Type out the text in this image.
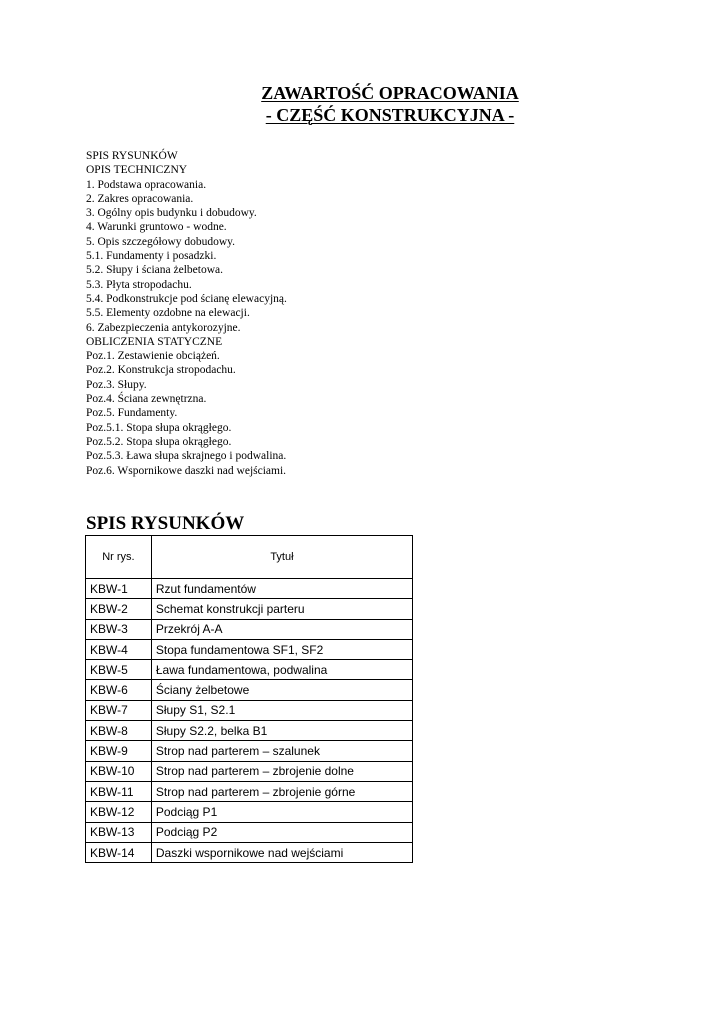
ZAWARTOŚĆ OPRACOWANIA
- CZĘŚĆ KONSTRUKCYJNA -
SPIS RYSUNKÓW
OPIS TECHNICZNY
1. Podstawa opracowania.
2. Zakres opracowania.
3. Ogólny opis budynku i dobudowy.
4. Warunki gruntowo - wodne.
5. Opis szczegółowy dobudowy.
5.1. Fundamenty i posadzki.
5.2. Słupy i ściana żelbetowa.
5.3. Płyta stropodachu.
5.4. Podkonstrukcje pod ścianę elewacyjną.
5.5. Elementy ozdobne na elewacji.
6. Zabezpieczenia antykorozyjne.
OBLICZENIA STATYCZNE
Poz.1. Zestawienie obciążeń.
Poz.2. Konstrukcja stropodachu.
Poz.3. Słupy.
Poz.4. Ściana zewnętrzna.
Poz.5. Fundamenty.
Poz.5.1. Stopa słupa okrągłego.
Poz.5.2. Stopa słupa okrągłego.
Poz.5.3. Ława słupa skrajnego i podwalina.
Poz.6. Wspornikowe daszki nad wejściami.
SPIS RYSUNKÓW
Nr rys.	Tytuł
KBW-1	Rzut fundamentów
KBW-2	Schemat konstrukcji parteru
KBW-3	Przekrój A-A
KBW-4	Stopa fundamentowa SF1, SF2
KBW-5	Ława fundamentowa, podwalina
KBW-6	Ściany żelbetowe
KBW-7	Słupy S1, S2.1
KBW-8	Słupy S2.2, belka B1
KBW-9	Strop nad parterem – szalunek
KBW-10	Strop nad parterem – zbrojenie dolne
KBW-11	Strop nad parterem – zbrojenie górne
KBW-12	Podciąg P1
KBW-13	Podciąg P2
KBW-14	Daszki wspornikowe nad wejściami
